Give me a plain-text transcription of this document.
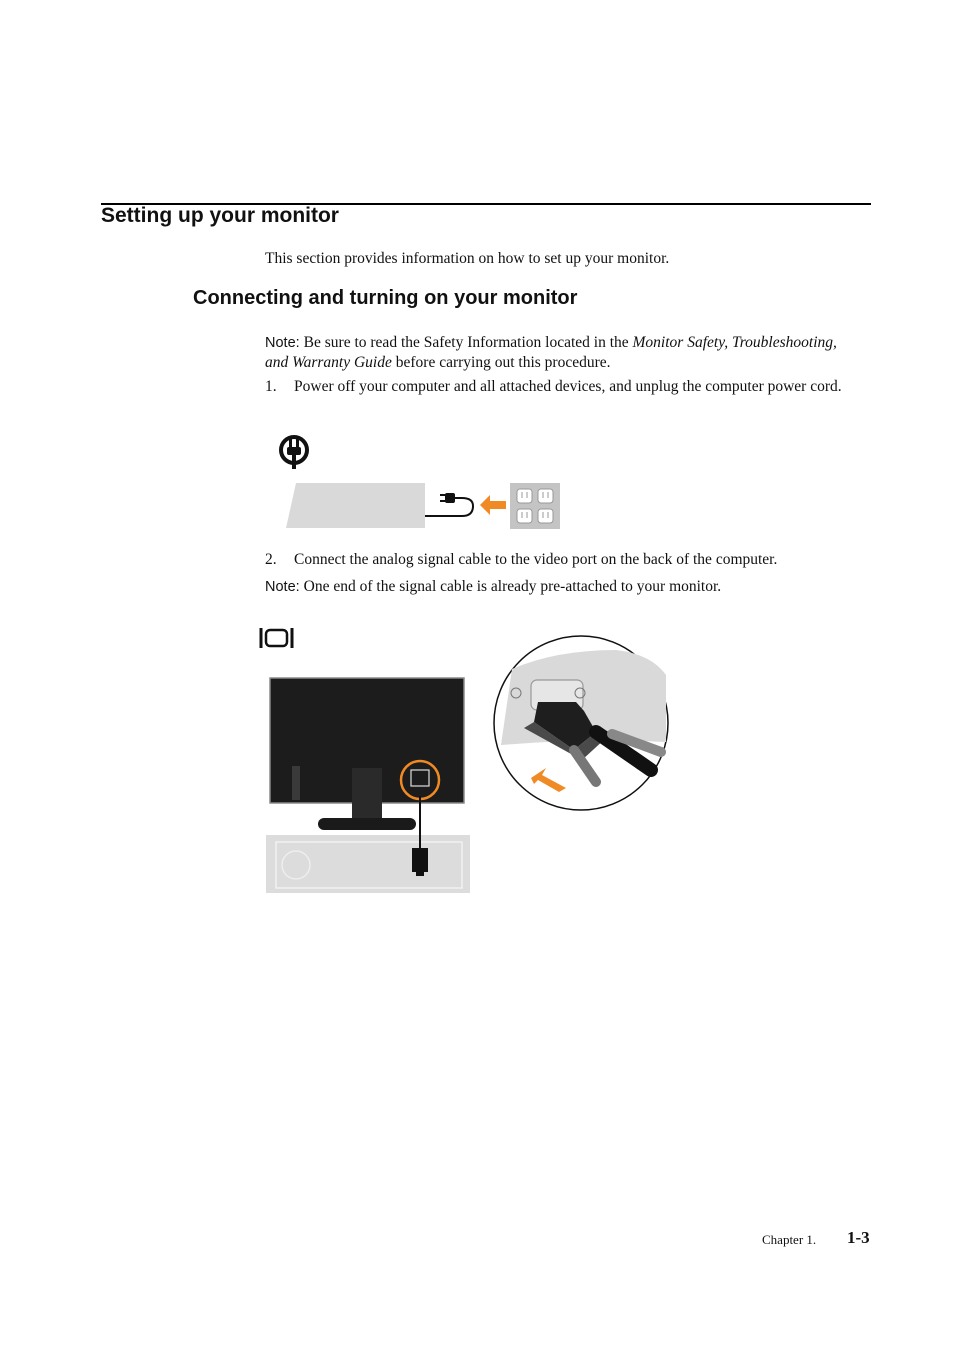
Setting up your monitor

This section provides information on how to set up your monitor.

Connecting and turning on your monitor

Note: Be sure to read the Safety Information located in the Monitor Safety, Troubleshooting, and Warranty Guide before carrying out this procedure.

1. Power off your computer and all attached devices, and unplug the computer power cord.
2. Connect the analog signal cable to the video port on the back of the computer.

Note: One end of the signal cable is already pre-attached to your monitor.

Chapter 1. 1-3
